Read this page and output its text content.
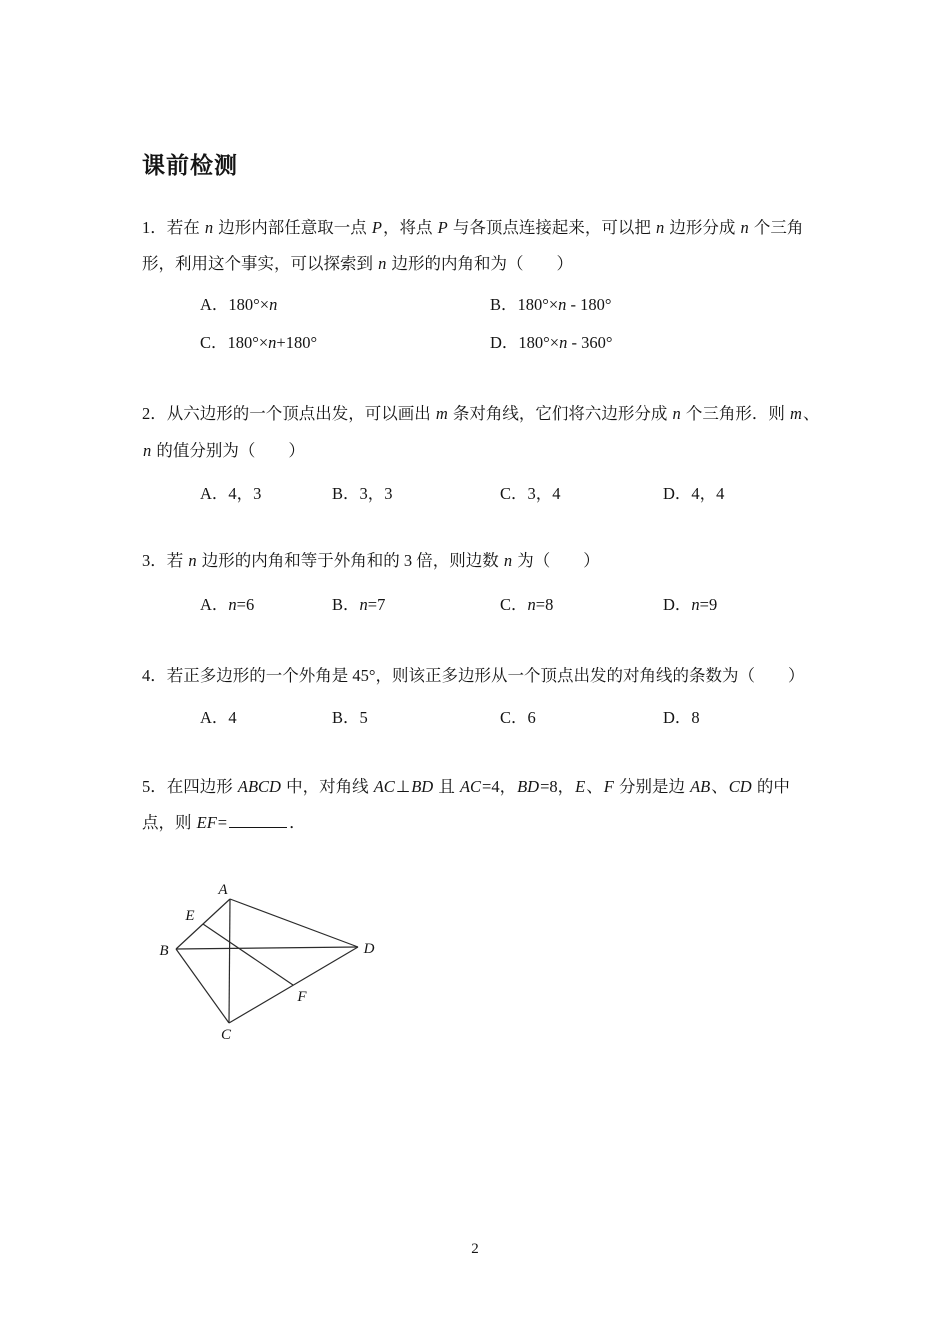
课前检测
1．若在 n 边形内部任意取一点 P，将点 P 与各顶点连接起来，可以把 n 边形分成 n 个三角
形，利用这个事实，可以探索到 n 边形的内角和为（　　）
A．180°×n	B．180°×n - 180°
C．180°×n+180°	D．180°×n - 360°
2．从六边形的一个顶点出发，可以画出 m 条对角线，它们将六边形分成 n 个三角形．则 m、
n 的值分别为（　　）
A．4，3	B．3，3	C．3，4	D．4，4
3．若 n 边形的内角和等于外角和的 3 倍，则边数 n 为（　　）
A．n=6	B．n=7	C．n=8	D．n=9
4．若正多边形的一个外角是 45°，则该正多边形从一个顶点出发的对角线的条数为（　　）
A．4	B．5	C．6	D．8
5．在四边形 ABCD 中，对角线 AC⊥BD 且 AC=4，BD=8，E、F 分别是边 AB、CD 的中
点，则 EF=	．

A
B
C
D
E
F

2
